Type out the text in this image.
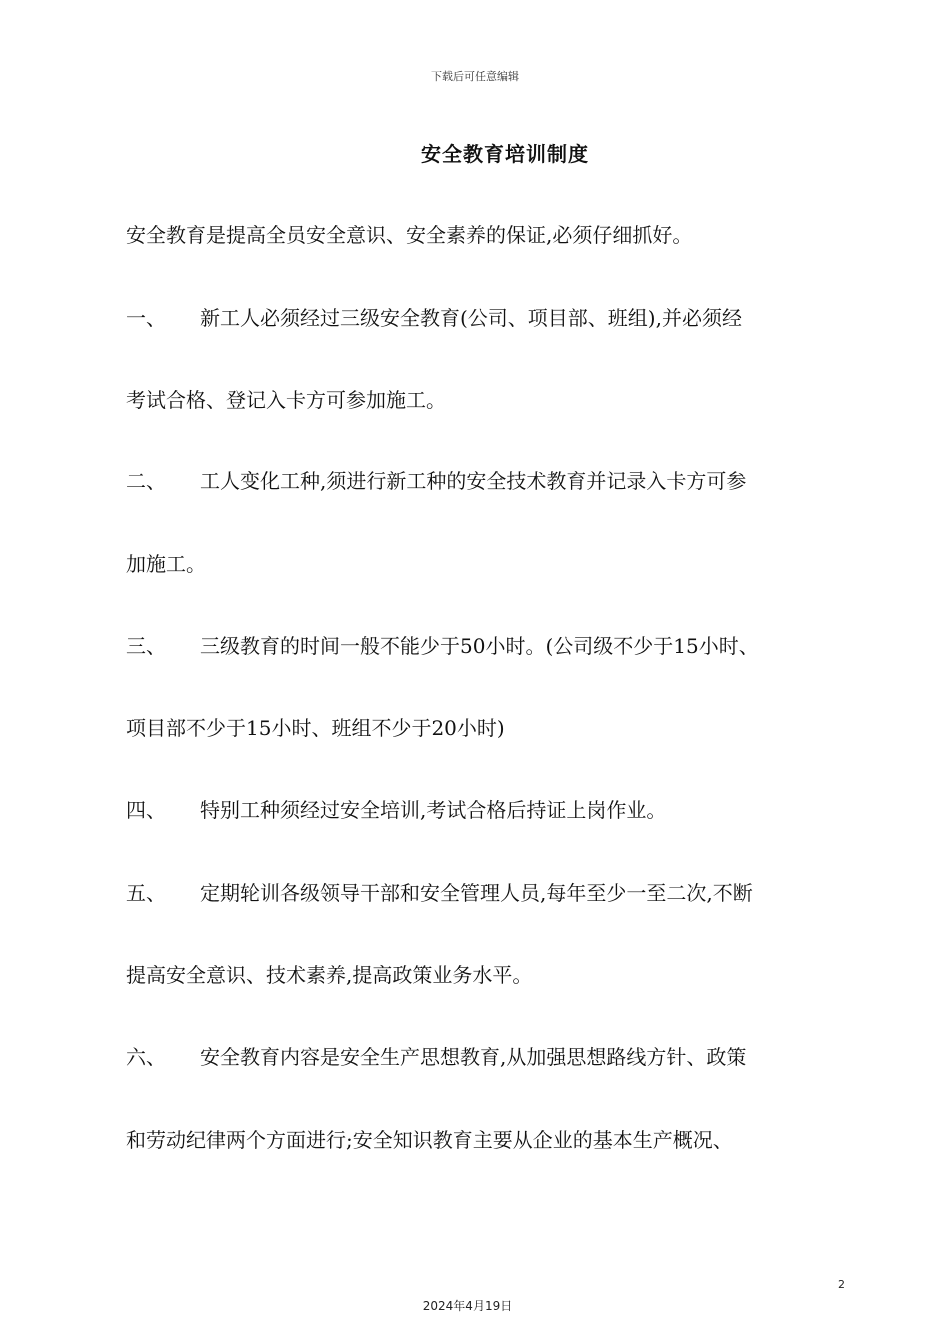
下载后可任意编辑
安全教育培训制度
安全教育是提高全员安全意识、安全素养的保证,必须仔细抓好。
一、 新工人必须经过三级安全教育(公司、项目部、班组),并必须经
考试合格、登记入卡方可参加施工。
二、 工人变化工种,须进行新工种的安全技术教育并记录入卡方可参
加施工。
三、 三级教育的时间一般不能少于50小时。(公司级不少于15小时、
项目部不少于15小时、班组不少于20小时)
四、 特别工种须经过安全培训,考试合格后持证上岗作业。
五、 定期轮训各级领导干部和安全管理人员,每年至少一至二次,不断
提高安全意识、技术素养,提高政策业务水平。
六、 安全教育内容是安全生产思想教育,从加强思想路线方针、政策
和劳动纪律两个方面进行;安全知识教育主要从企业的基本生产概况、
2
2024年4月19日
